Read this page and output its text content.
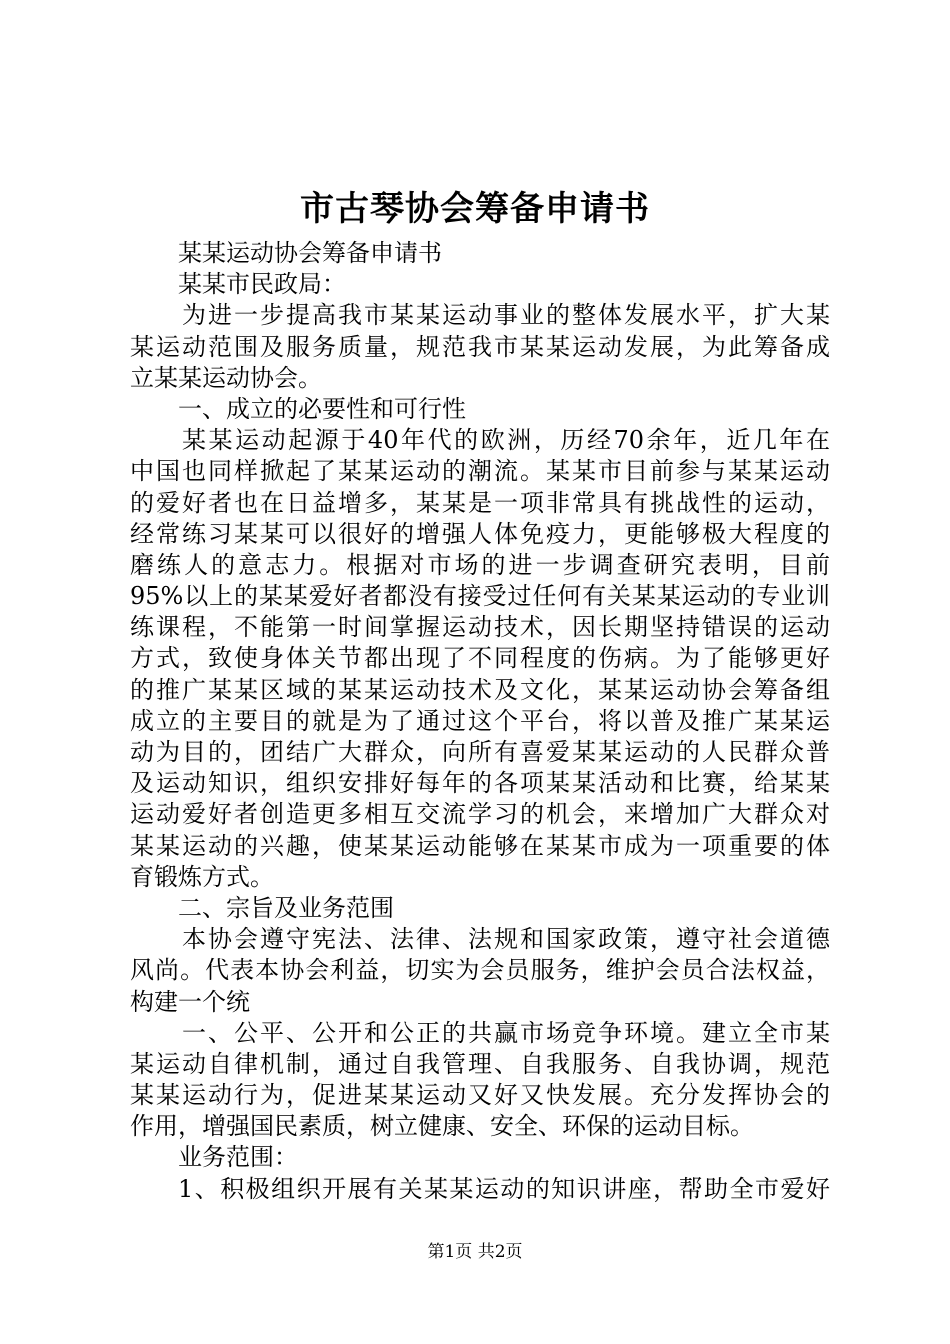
市古琴协会筹备申请书
某某运动协会筹备申请书
某某市民政局：
为进一步提高我市某某运动事业的整体发展水平，扩大某
某运动范围及服务质量，规范我市某某运动发展，为此筹备成
立某某运动协会。
一、成立的必要性和可行性
某某运动起源于40年代的欧洲，历经70余年，近几年在
中国也同样掀起了某某运动的潮流。某某市目前参与某某运动
的爱好者也在日益增多，某某是一项非常具有挑战性的运动，
经常练习某某可以很好的增强人体免疫力，更能够极大程度的
磨练人的意志力。根据对市场的进一步调查研究表明，目前
95%以上的某某爱好者都没有接受过任何有关某某运动的专业训
练课程，不能第一时间掌握运动技术，因长期坚持错误的运动
方式，致使身体关节都出现了不同程度的伤病。为了能够更好
的推广某某区域的某某运动技术及文化，某某运动协会筹备组
成立的主要目的就是为了通过这个平台，将以普及推广某某运
动为目的，团结广大群众，向所有喜爱某某运动的人民群众普
及运动知识，组织安排好每年的各项某某活动和比赛，给某某
运动爱好者创造更多相互交流学习的机会，来增加广大群众对
某某运动的兴趣，使某某运动能够在某某市成为一项重要的体
育锻炼方式。
二、宗旨及业务范围
本协会遵守宪法、法律、法规和国家政策，遵守社会道德
风尚。代表本协会利益，切实为会员服务，维护会员合法权益，
构建一个统
一、公平、公开和公正的共赢市场竞争环境。建立全市某
某运动自律机制，通过自我管理、自我服务、自我协调，规范
某某运动行为，促进某某运动又好又快发展。充分发挥协会的
作用，增强国民素质，树立健康、安全、环保的运动目标。
业务范围：
1、积极组织开展有关某某运动的知识讲座，帮助全市爱好
第1页 共2页
